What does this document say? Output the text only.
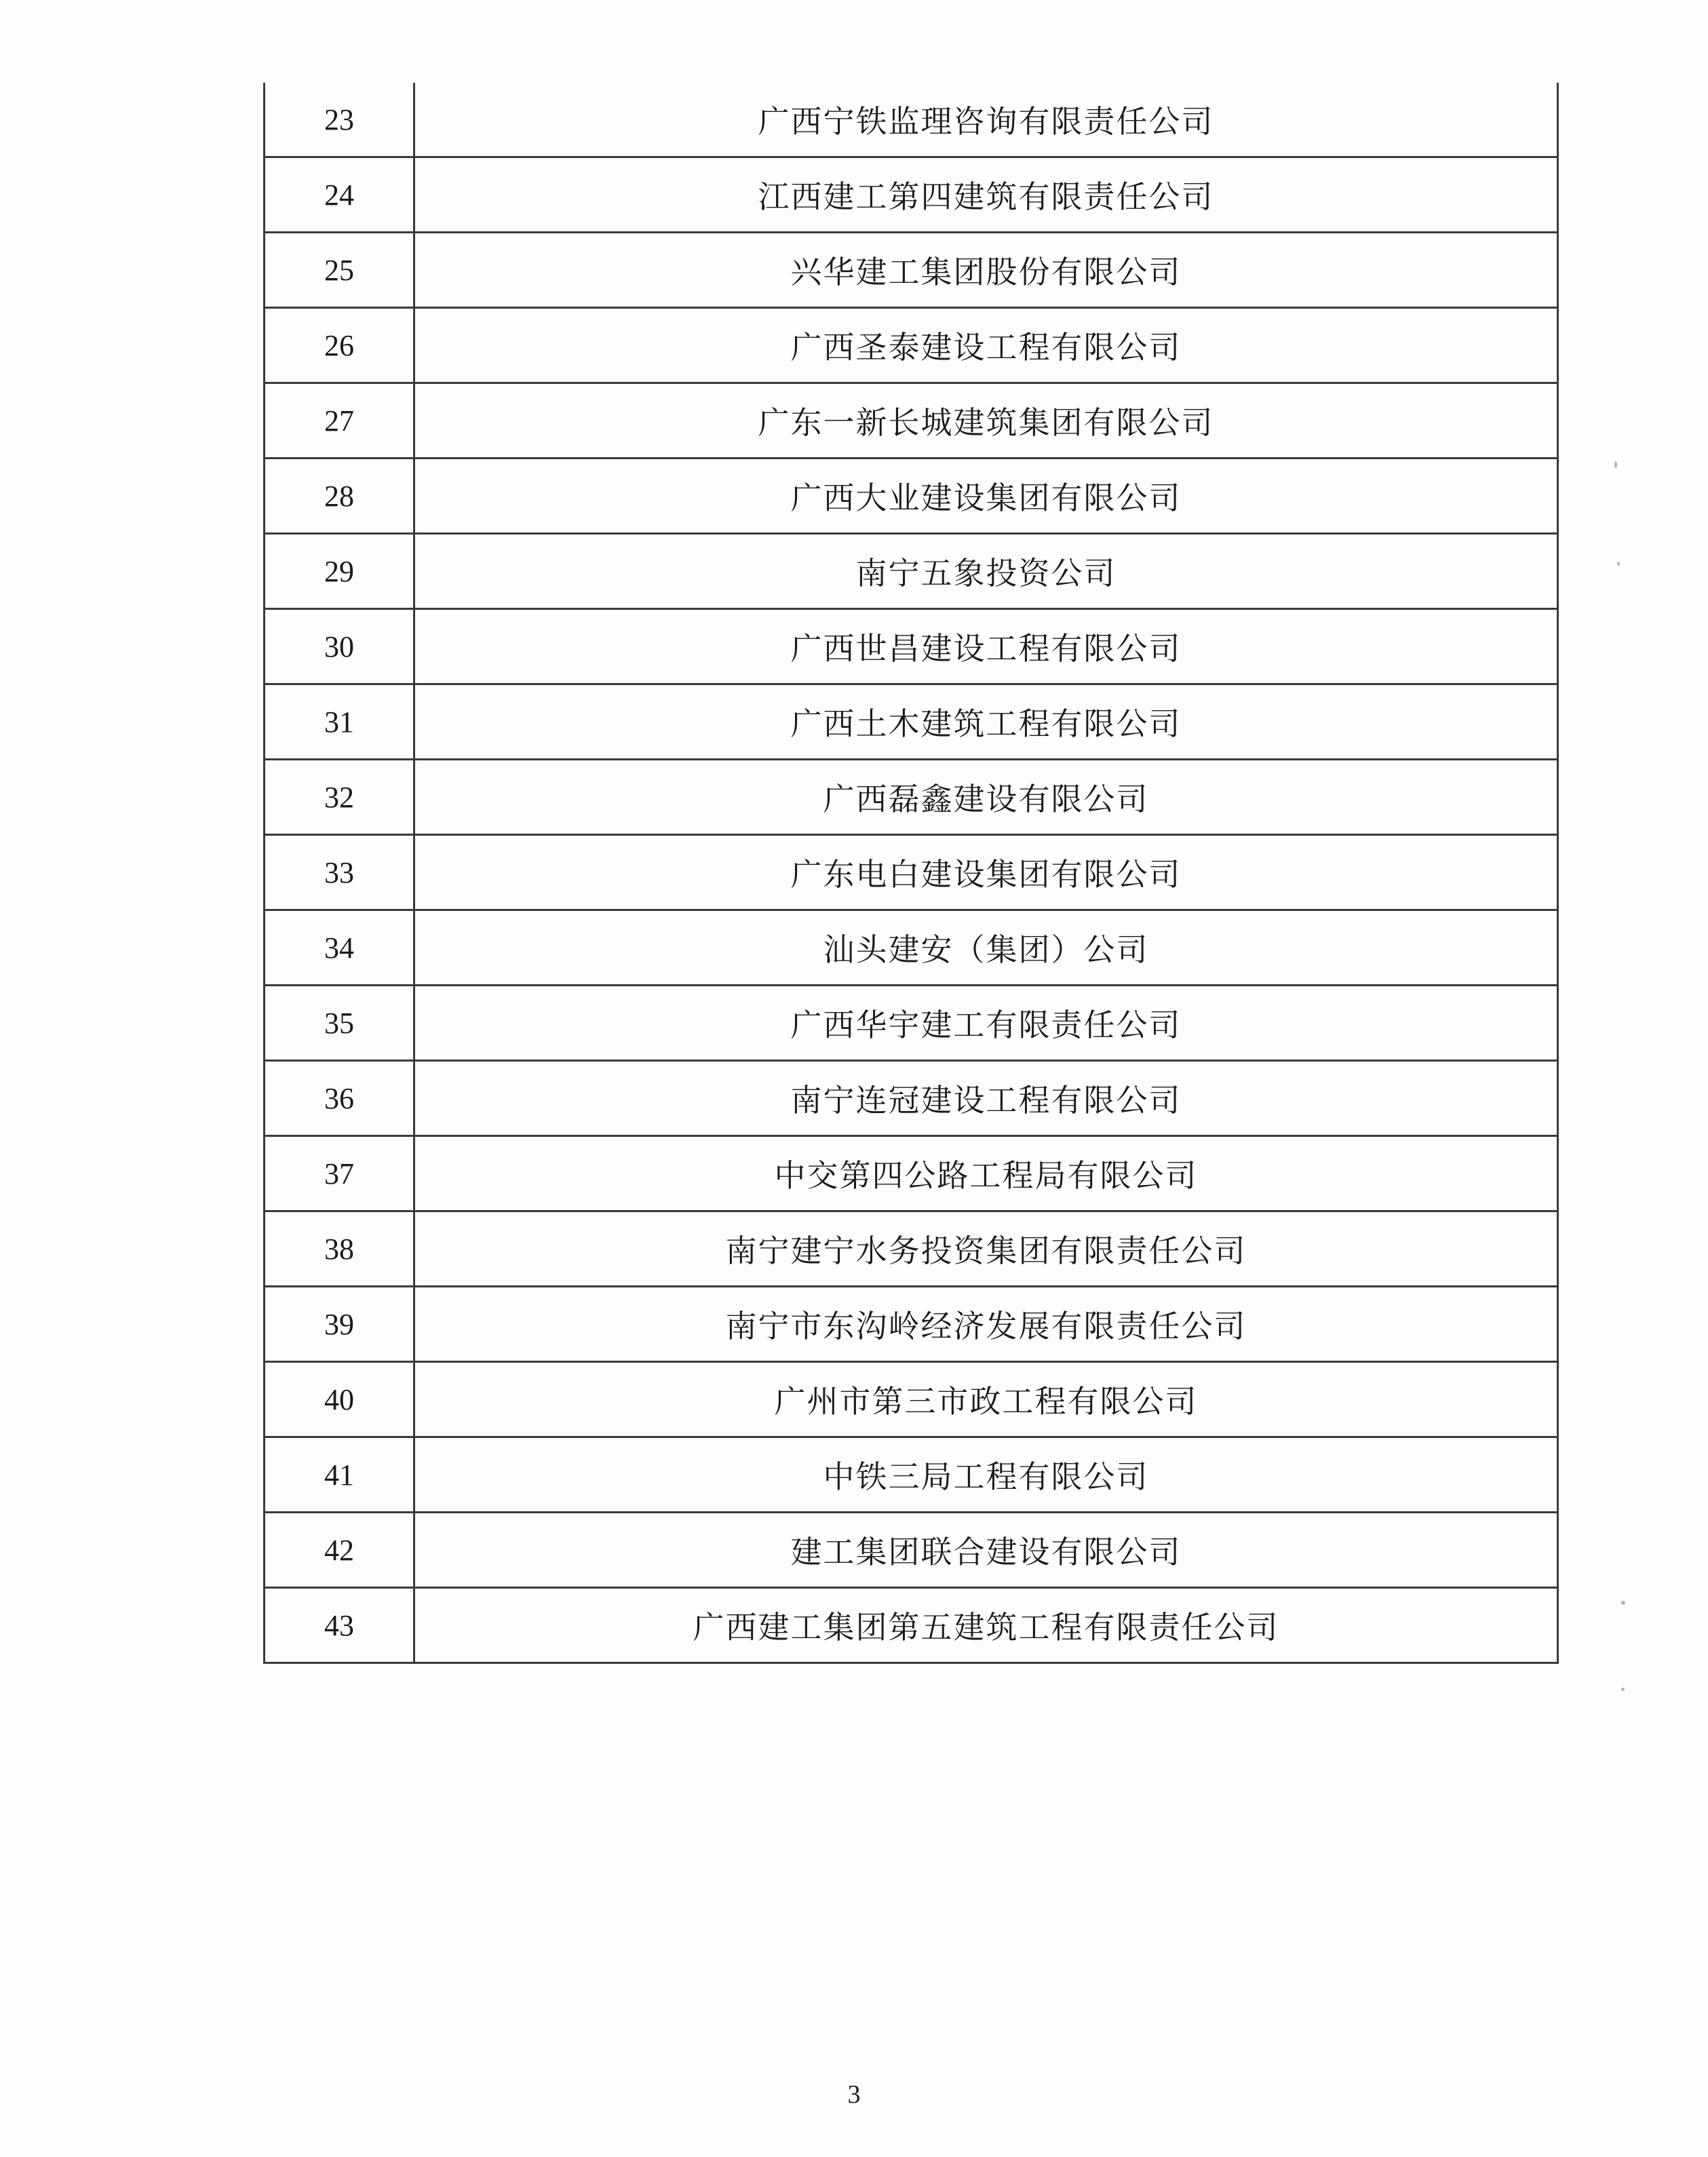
23	广西宁铁监理咨询有限责任公司
24	江西建工第四建筑有限责任公司
25	兴华建工集团股份有限公司
26	广西圣泰建设工程有限公司
27	广东一新长城建筑集团有限公司
28	广西大业建设集团有限公司
29	南宁五象投资公司
30	广西世昌建设工程有限公司
31	广西土木建筑工程有限公司
32	广西磊鑫建设有限公司
33	广东电白建设集团有限公司
34	汕头建安（集团）公司
35	广西华宇建工有限责任公司
36	南宁连冠建设工程有限公司
37	中交第四公路工程局有限公司
38	南宁建宁水务投资集团有限责任公司
39	南宁市东沟岭经济发展有限责任公司
40	广州市第三市政工程有限公司
41	中铁三局工程有限公司
42	建工集团联合建设有限公司
43	广西建工集团第五建筑工程有限责任公司
3
